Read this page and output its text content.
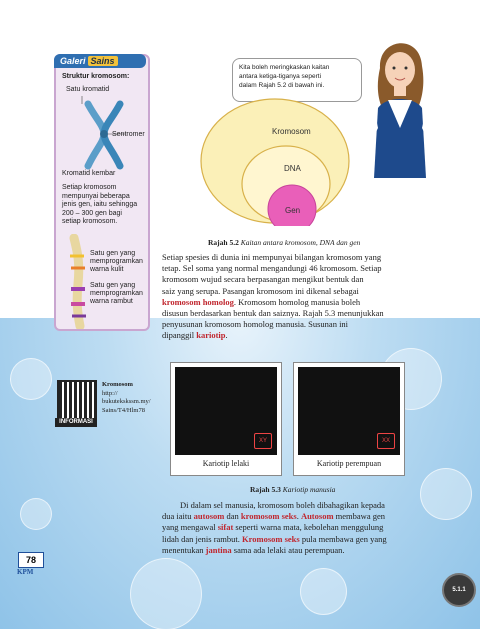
Galeri Sains
Struktur kromosom:
Satu kromatid
Sentromer
Kromatid kembar
Setiap kromosom
mempunyai beberapa
jenis gen, iaitu sehingga
200 – 300 gen bagi
setiap kromosom.
Satu gen yang
memprogramkan
warna kulit
Satu gen yang
memprogramkan
warna rambut
Kita boleh meringkaskan kaitan
antara ketiga-tiganya seperti
dalam Rajah 5.2 di bawah ini.
Kromosom
DNA
Gen
Rajah 5.2 Kaitan antara kromosom, DNA dan gen
Setiap spesies di dunia ini mempunyai bilangan kromosom yang
tetap. Sel soma yang normal mengandungi 46 kromosom. Setiap
kromosom wujud secara berpasangan mengikut bentuk dan
saiz yang serupa. Pasangan kromosom ini dikenal sebagai
kromosom homolog. Kromosom homolog manusia boleh
disusun berdasarkan bentuk dan saiznya. Rajah 5.3 menunjukkan
penyusunan kromosom homolog manusia. Susunan ini
dipanggil kariotip.
INFORMASI
Kromosom
http://
bukutekskssm.my/
Sains/T4/Hlm78
XY
Kariotip lelaki
XX
Kariotip perempuan
Rajah 5.3 Kariotip manusia
Di dalam sel manusia, kromosom boleh dibahagikan kepada
dua iaitu autosom dan kromosom seks. Autosom membawa gen
yang mengawal sifat seperti warna mata, kebolehan menggulung
lidah dan jenis rambut. Kromosom seks pula membawa gen yang
menentukan jantina sama ada lelaki atau perempuan.
78
KPM
5.1.1
